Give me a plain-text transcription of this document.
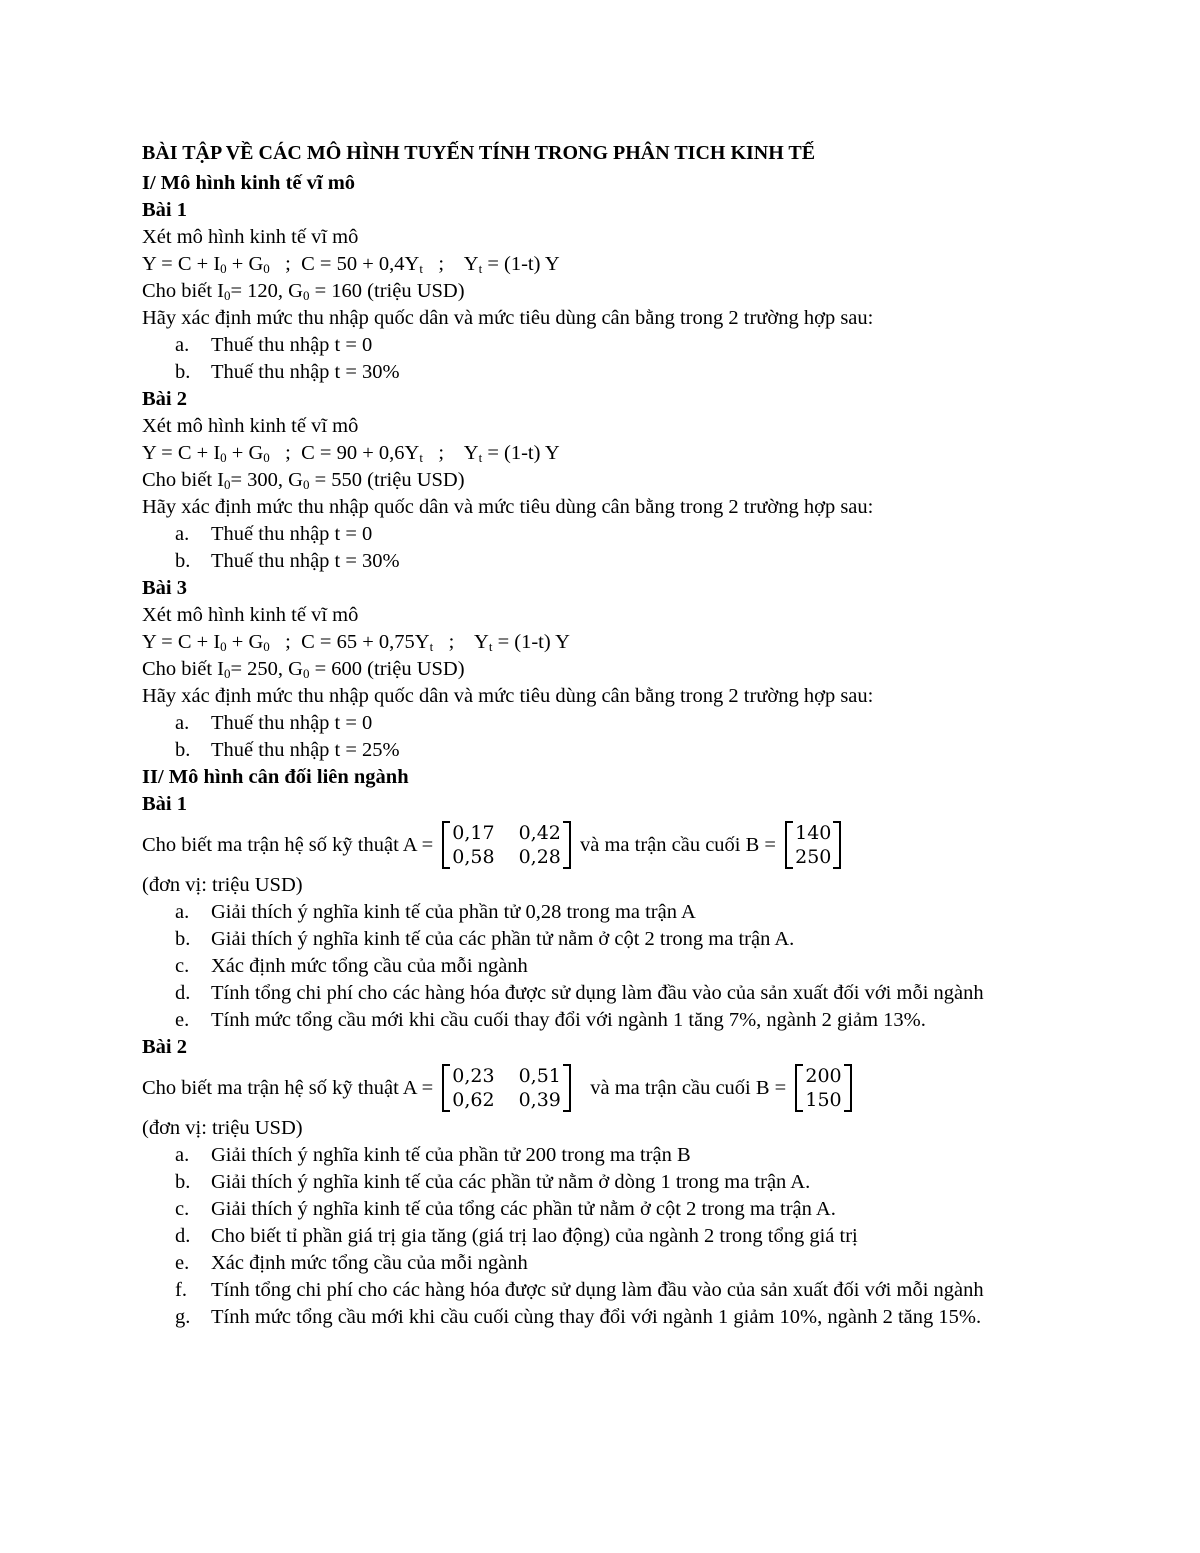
BÀI TẬP VỀ CÁC MÔ HÌNH TUYẾN TÍNH TRONG PHÂN TICH KINH TẾ
I/ Mô hình kinh tế vĩ mô
Bài 1
Xét mô hình kinh tế vĩ mô
$Y = C + I_0 + G_0$   ;  $C = 50 + 0,4Y_t$   ;    $Y_t = (1-t)$ Y
Cho biết $I_0= 120$, $G_0 = 160$ (triệu USD)
Hãy xác định mức thu nhập quốc dân và mức tiêu dùng cân bằng trong 2 trường hợp sau:
a. Thuế thu nhập t = 0
b. Thuế thu nhập t = 30%
Bài 2
Xét mô hình kinh tế vĩ mô
$Y = C + I_0 + G_0$   ;  $C = 90 + 0,6Y_t$   ;    $Y_t = (1-t)$ Y
Cho biết $I_0= 300$, $G_0 = 550$ (triệu USD)
Hãy xác định mức thu nhập quốc dân và mức tiêu dùng cân bằng trong 2 trường hợp sau:
a. Thuế thu nhập t = 0
b. Thuế thu nhập t = 30%
Bài 3
Xét mô hình kinh tế vĩ mô
$Y = C + I_0 + G_0$   ;  $C = 65 + 0,75Y_t$   ;    $Y_t = (1-t)$ Y
Cho biết $I_0= 250$, $G_0 = 600$ (triệu USD)
Hãy xác định mức thu nhập quốc dân và mức tiêu dùng cân bằng trong 2 trường hợp sau:
a. Thuế thu nhập t = 0
b. Thuế thu nhập t = 25%
II/ Mô hình cân đối liên ngành
Bài 1
Cho biết ma trận hệ số kỹ thuật A =
0,17
0,58
0,42
0,28
và ma trận cầu cuối B =
140
250
(đơn vị: triệu USD)
a. Giải thích ý nghĩa kinh tế của phần tử 0,28 trong ma trận A
b. Giải thích ý nghĩa kinh tế của các phần tử nằm ở cột 2 trong ma trận A.
c. Xác định mức tổng cầu của mỗi ngành
d. Tính tổng chi phí cho các hàng hóa được sử dụng làm đầu vào của sản xuất đối với mỗi ngành
e. Tính mức tổng cầu mới khi cầu cuối thay đổi với ngành 1 tăng 7%, ngành 2 giảm 13%.
Bài 2
Cho biết ma trận hệ số kỹ thuật A =
0,23
0,62
0,51
0,39
và ma trận cầu cuối B =
200
150
(đơn vị: triệu USD)
a. Giải thích ý nghĩa kinh tế của phần tử 200 trong ma trận B
b. Giải thích ý nghĩa kinh tế của các phần tử nằm ở dòng 1 trong ma trận A.
c. Giải thích ý nghĩa kinh tế của tổng các phần tử nằm ở cột 2 trong ma trận A.
d. Cho biết tỉ phần giá trị gia tăng (giá trị lao động) của ngành 2 trong tổng giá trị
e. Xác định mức tổng cầu của mỗi ngành
f. Tính tổng chi phí cho các hàng hóa được sử dụng làm đầu vào của sản xuất đối với mỗi ngành
g. Tính mức tổng cầu mới khi cầu cuối cùng thay đổi với ngành 1 giảm 10%, ngành 2 tăng 15%.
